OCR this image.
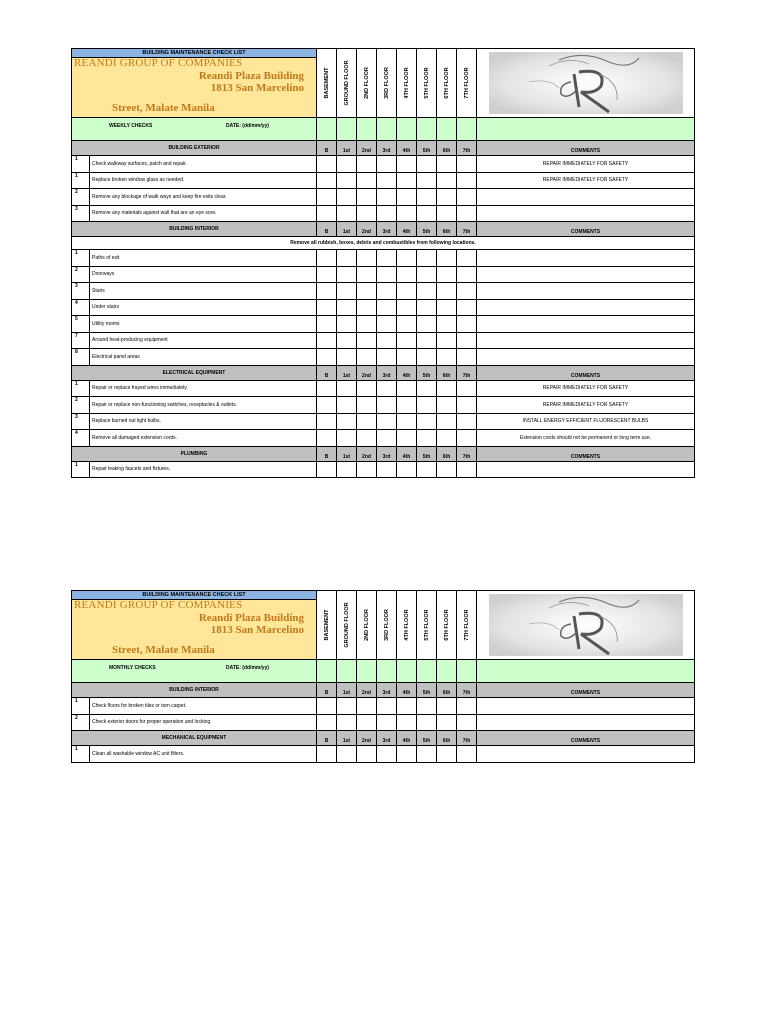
BUILDING MAINTENANCE CHECK LIST
REANDI GROUP OF COMPANIES
Reandi Plaza Building
1813 San Marcelino
Street, Malate Manila		BASEMENT	GROUND FLOOR	2ND FLOOR	3RD FLOOR	4TH FLOOR	5TH FLOOR	6TH FLOOR	7TH FLOOR

WEEKLY CHECKS DATE: (dd/mm/yy)										

BUILDING EXTERIOR		B	1st	2nd	3rd	4th	5th	6th	7th	COMMENTS
1	Check walkway surfaces, patch and repair.									REPAIR IMMEDIATELY FOR SAFETY
1	Replace broken window glass as needed.									REPAIR IMMEDIATELY FOR SAFETY
2	Remove any blockage of walk ways and keep fire exits clear.									
3	Remove any materials against wall that are an eye sore.									
BUILDING INTERIOR		B	1st	2nd	3rd	4th	5th	6th	7th	COMMENTS
Remove all rubbish, boxes, debris and combustibles from following locations.										
1	Paths of exit									
2	Doorways									
3	Stairs									
4	Under stairs									
5	Utility rooms									
7	Around heat-producing equipment									
8	Electrical panel areas									
ELECTRICAL EQUIPMENT		B	1st	2nd	3rd	4th	5th	6th	7th	COMMENTS
1	Repair or replace frayed wires immediately.									REPAIR IMMEDIATELY FOR SAFETY
2	Repair or replace non-functioning switches, receptacles & outlets.									REPAIR IMMEDIATELY FOR SAFETY
3	Replace burned out light bulbs.									INSTALL ENERGY EFFICIENT FLUORESCENT BULBS
4	Remove all damaged extension cords.									Extension cords should not be permanent or long term use.
PLUMBING		B	1st	2nd	3rd	4th	5th	6th	7th	COMMENTS
1	Repair leaking faucets and fixtures.									
BUILDING MAINTENANCE CHECK LIST
REANDI GROUP OF COMPANIES
Reandi Plaza Building
1813 San Marcelino
Street, Malate Manila		BASEMENT	GROUND FLOOR	2ND FLOOR	3RD FLOOR	4TH FLOOR	5TH FLOOR	6TH FLOOR	7TH FLOOR

MONTHLY CHECKS DATE: (dd/mm/yy)										

BUILDING INTERIOR		B	1st	2nd	3rd	4th	5th	6th	7th	COMMENTS
1	Check floors for broken tiles or torn carpet.									
2	Check exterior doors for proper operation and locking.									
MECHANICAL EQUIPMENT		B	1st	2nd	3rd	4th	5th	6th	7th	COMMENTS
1	Clean all washable window AC unit filters.									
